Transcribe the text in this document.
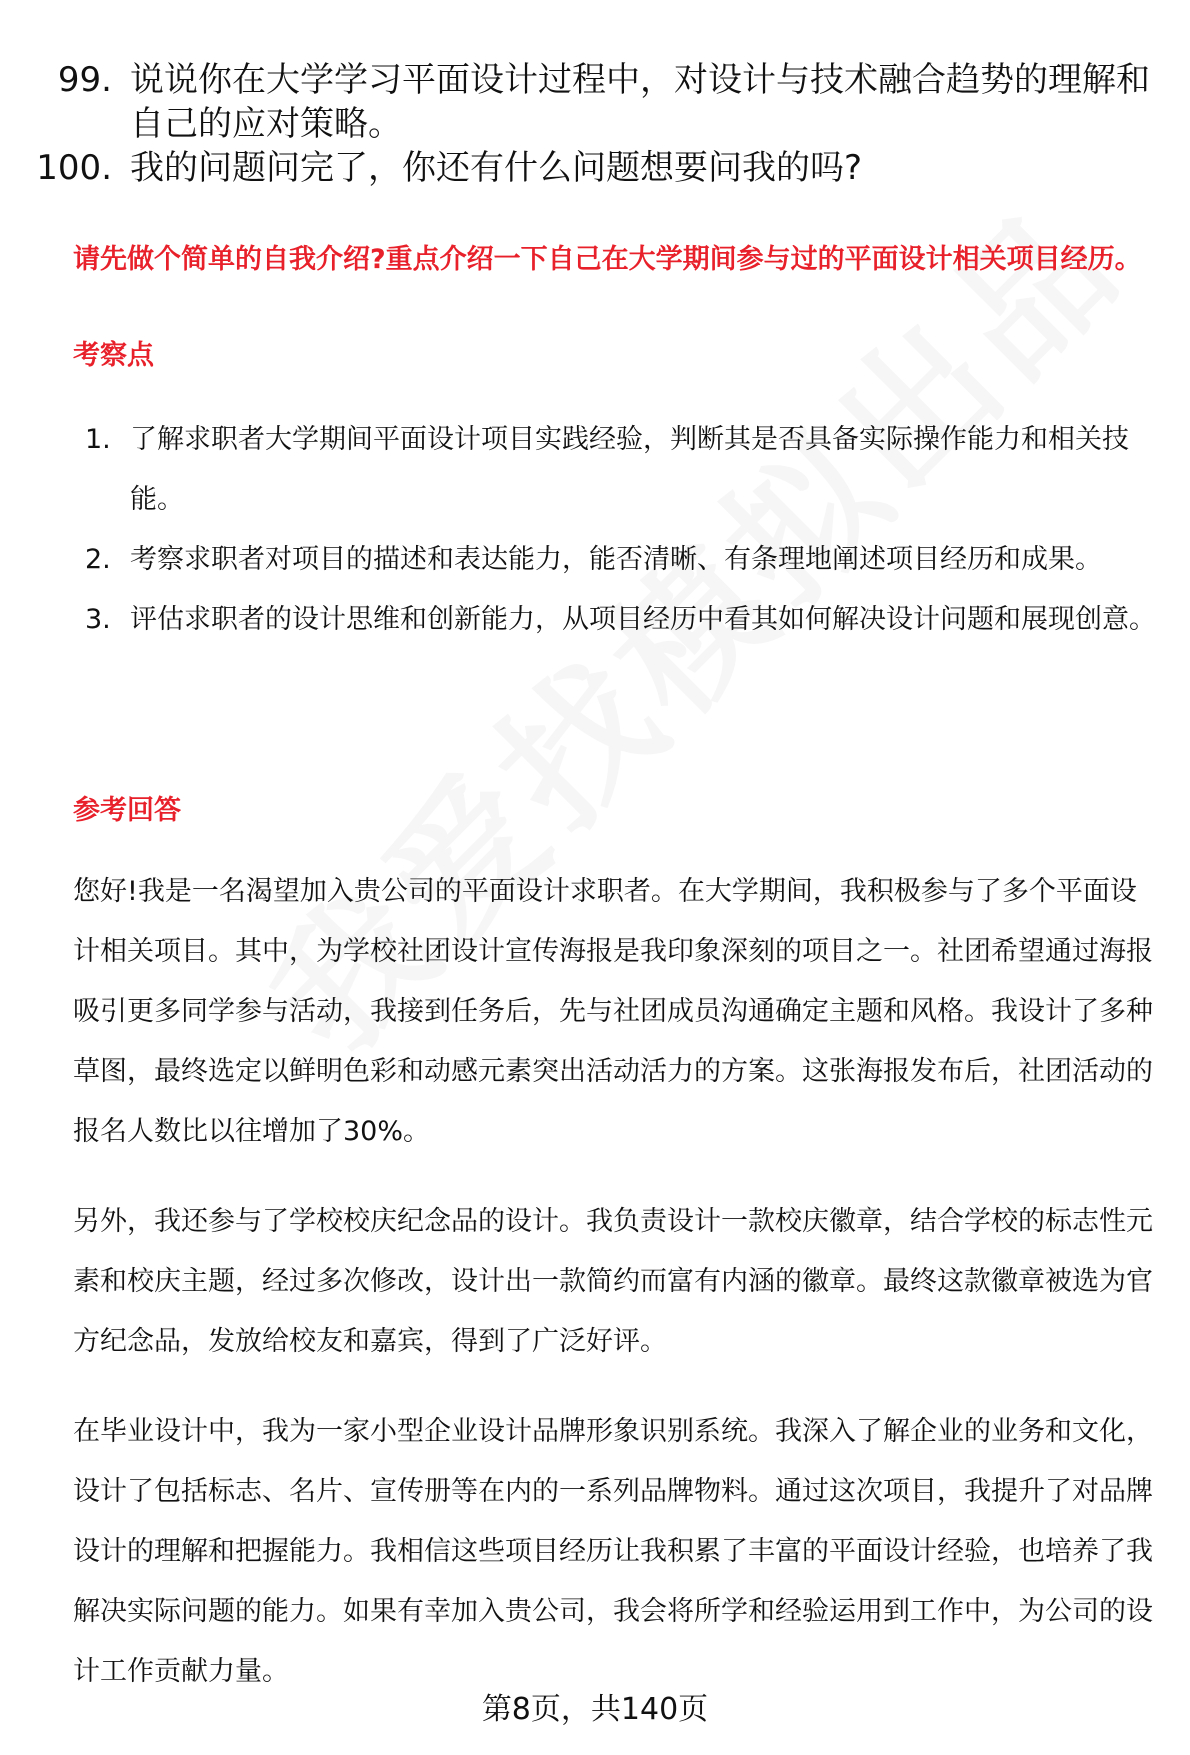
99. 说说你在大学学习平面设计过程中，对设计与技术融合趋势的理解和自己的应对策略。
100. 我的问题问完了，你还有什么问题想要问我的吗?
请先做个简单的自我介绍?重点介绍一下自己在大学期间参与过的平面设计相关项目经历。
考察点
1. 了解求职者大学期间平面设计项目实践经验，判断其是否具备实际操作能力和相关技能。
2. 考察求职者对项目的描述和表达能力，能否清晰、有条理地阐述项目经历和成果。
3. 评估求职者的设计思维和创新能力，从项目经历中看其如何解决设计问题和展现创意。
参考回答

您好!我是一名渴望加入贵公司的平面设计求职者。在大学期间，我积极参与了多个平面设计相关项目。其中，为学校社团设计宣传海报是我印象深刻的项目之一。社团希望通过海报吸引更多同学参与活动，我接到任务后，先与社团成员沟通确定主题和风格。我设计了多种草图，最终选定以鲜明色彩和动感元素突出活动活力的方案。这张海报发布后，社团活动的报名人数比以往增加了30%。

另外，我还参与了学校校庆纪念品的设计。我负责设计一款校庆徽章，结合学校的标志性元素和校庆主题，经过多次修改，设计出一款简约而富有内涵的徽章。最终这款徽章被选为官方纪念品，发放给校友和嘉宾，得到了广泛好评。

在毕业设计中，我为一家小型企业设计品牌形象识别系统。我深入了解企业的业务和文化，设计了包括标志、名片、宣传册等在内的一系列品牌物料。通过这次项目，我提升了对品牌设计的理解和把握能力。我相信这些项目经历让我积累了丰富的平面设计经验，也培养了我解决实际问题的能力。如果有幸加入贵公司，我会将所学和经验运用到工作中，为公司的设计工作贡献力量。

第8页，共140页
